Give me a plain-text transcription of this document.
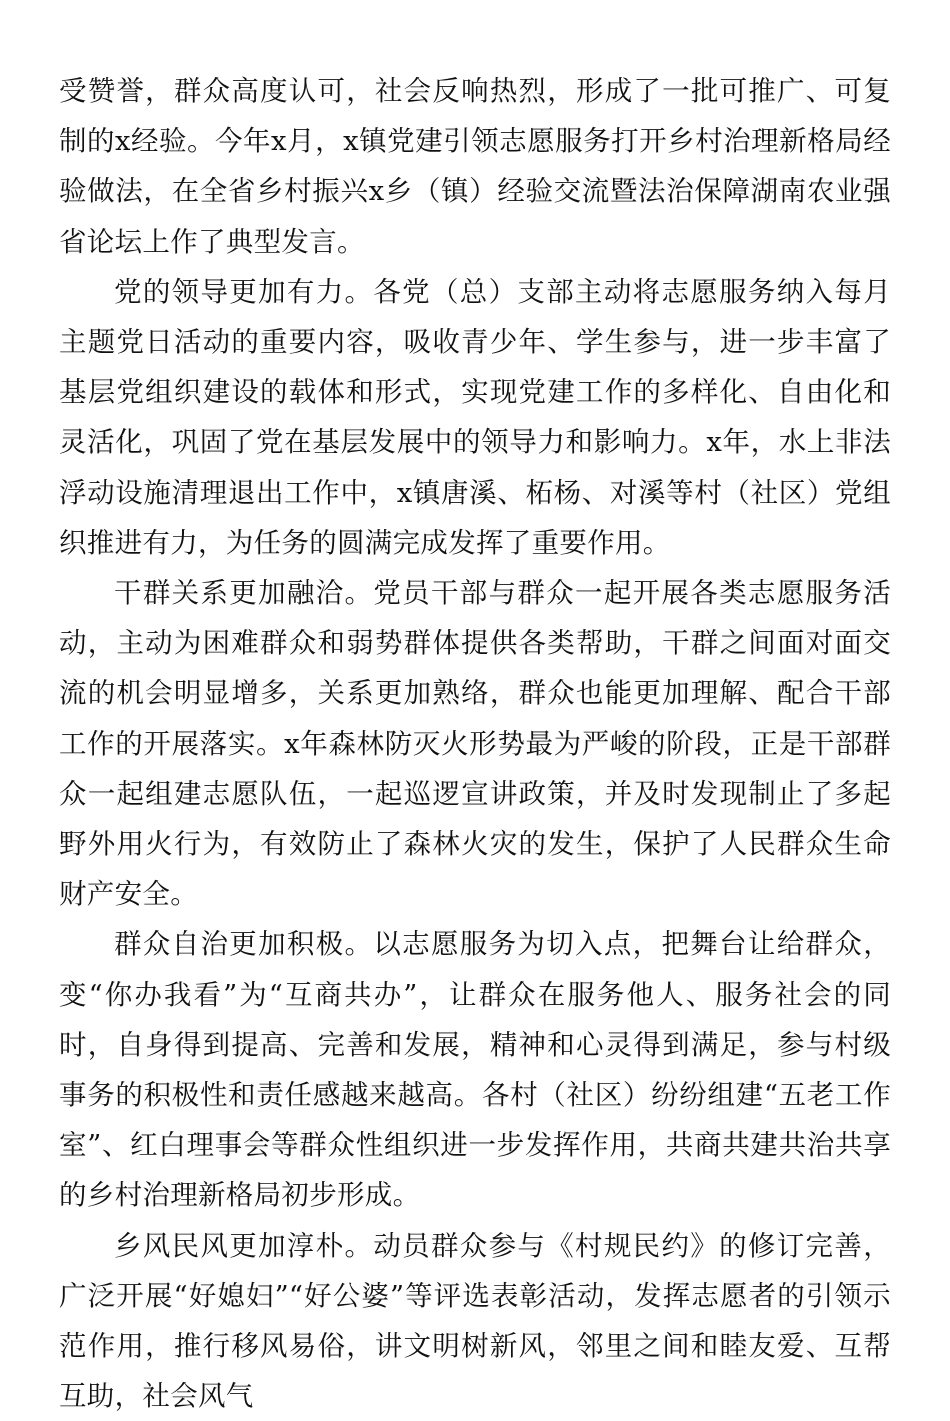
受赞誉，群众高度认可，社会反响热烈，形成了一批可推广、可复制的x经验。今年x月，x镇党建引领志愿服务打开乡村治理新格局经验做法，在全省乡村振兴x乡（镇）经验交流暨法治保障湖南农业强省论坛上作了典型发言。

党的领导更加有力。各党（总）支部主动将志愿服务纳入每月主题党日活动的重要内容，吸收青少年、学生参与，进一步丰富了基层党组织建设的载体和形式，实现党建工作的多样化、自由化和灵活化，巩固了党在基层发展中的领导力和影响力。x年，水上非法浮动设施清理退出工作中，x镇唐溪、柘杨、对溪等村（社区）党组织推进有力，为任务的圆满完成发挥了重要作用。

干群关系更加融洽。党员干部与群众一起开展各类志愿服务活动，主动为困难群众和弱势群体提供各类帮助，干群之间面对面交流的机会明显增多，关系更加熟络，群众也能更加理解、配合干部工作的开展落实。x年森林防灭火形势最为严峻的阶段，正是干部群众一起组建志愿队伍，一起巡逻宣讲政策，并及时发现制止了多起野外用火行为，有效防止了森林火灾的发生，保护了人民群众生命财产安全。

群众自治更加积极。以志愿服务为切入点，把舞台让给群众，变“你办我看”为“互商共办”，让群众在服务他人、服务社会的同时，自身得到提高、完善和发展，精神和心灵得到满足，参与村级事务的积极性和责任感越来越高。各村（社区）纷纷组建“五老工作室”、红白理事会等群众性组织进一步发挥作用，共商共建共治共享的乡村治理新格局初步形成。

乡风民风更加淳朴。动员群众参与《村规民约》的修订完善，广泛开展“好媳妇”“好公婆”等评选表彰活动，发挥志愿者的引领示范作用，推行移风易俗，讲文明树新风，邻里之间和睦友爱、互帮互助，社会风气
